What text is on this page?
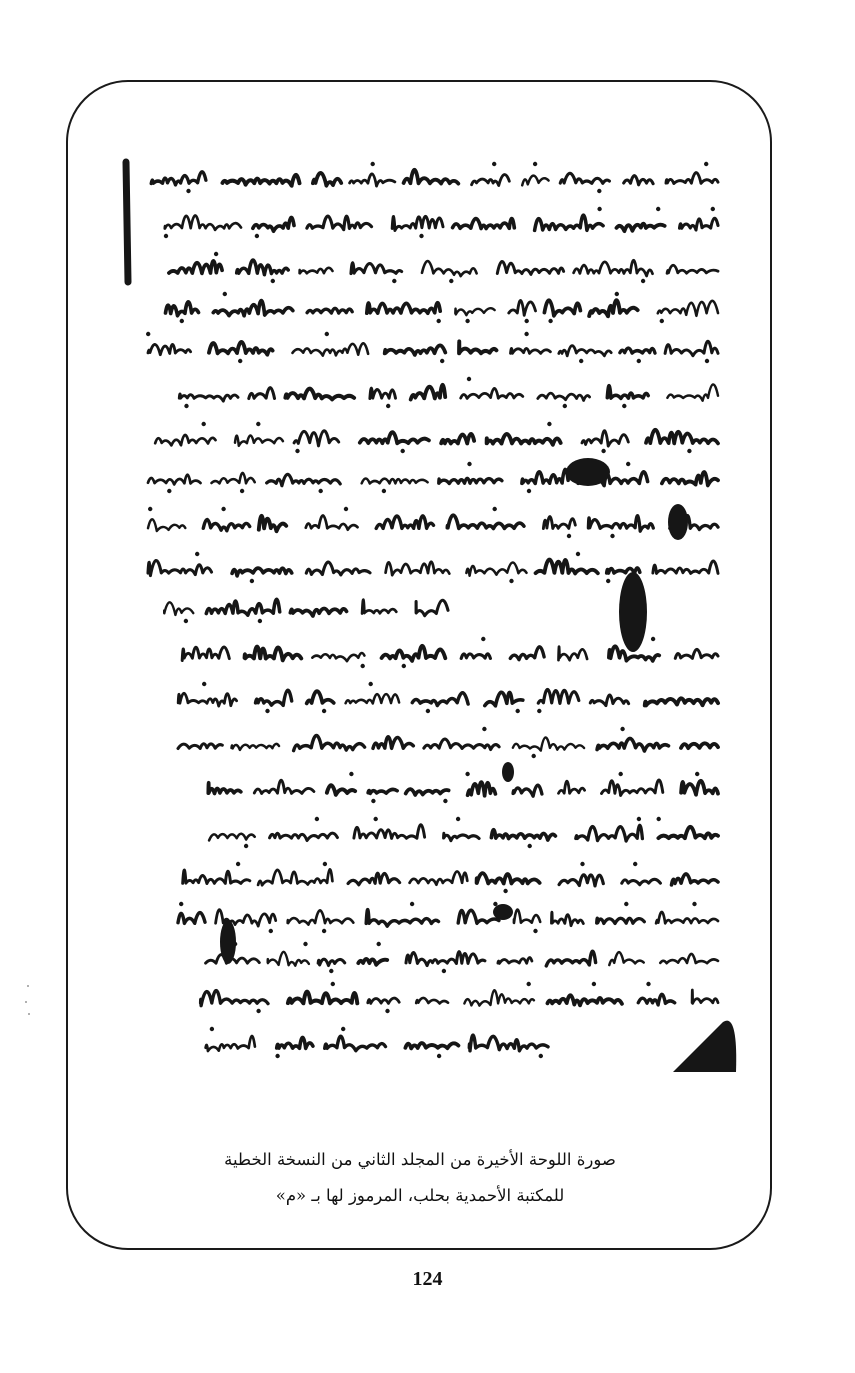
صورة اللوحة الأخيرة من المجلد الثاني من النسخة الخطية
للمكتبة الأحمدية بحلب، المرموز لها بـ «م»
124
